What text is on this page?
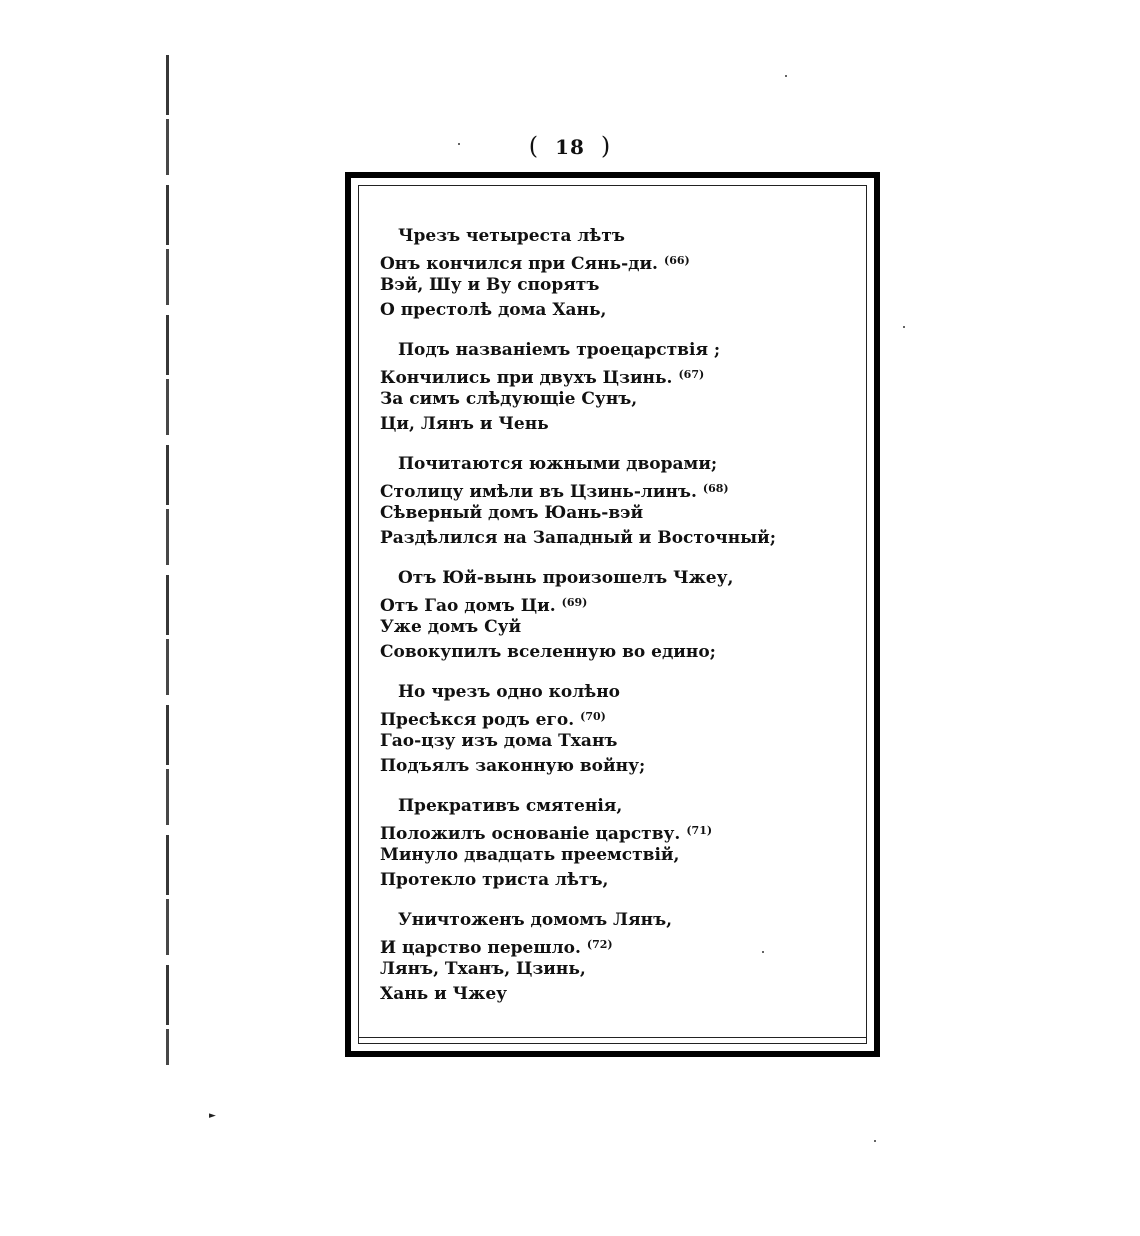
( 18 )
Чрезъ четыреста лѣтъ
Онъ кончился при Сянь-ди. $^{(66)}$
Вэй, Шу и Ву спорятъ
О престолѣ дома Хань,
Подъ названіемъ троецарствія ;
Кончились при двухъ Цзинь. $^{(67)}$
За симъ слѣдующіе Сунъ,
Ци, Лянъ и Чень
Почитаются южными дворами;
Столицу имѣли въ Цзинь-линъ. $^{(68)}$
Сѣверный домъ Юань-вэй
Раздѣлился на Западный и Восточный;
Отъ Юй-вынь произошелъ Чжеу,
Отъ Гао домъ Ци. $^{(69)}$
Уже домъ Суй
Совокупилъ вселенную во едино;
Но чрезъ одно колѣно
Пресѣкся родъ его. $^{(70)}$
Гао-цзу изъ дома Тханъ
Подъялъ законную войну;
Прекративъ смятенія,
Положилъ основаніе царству. $^{(71)}$
Минуло двадцать преемствій,
Протекло триста лѣтъ,
Уничтоженъ домомъ Лянъ,
И царство перешло. $^{(72)}$
Лянъ, Тханъ, Цзинь,
Хань и Чжеу
►
